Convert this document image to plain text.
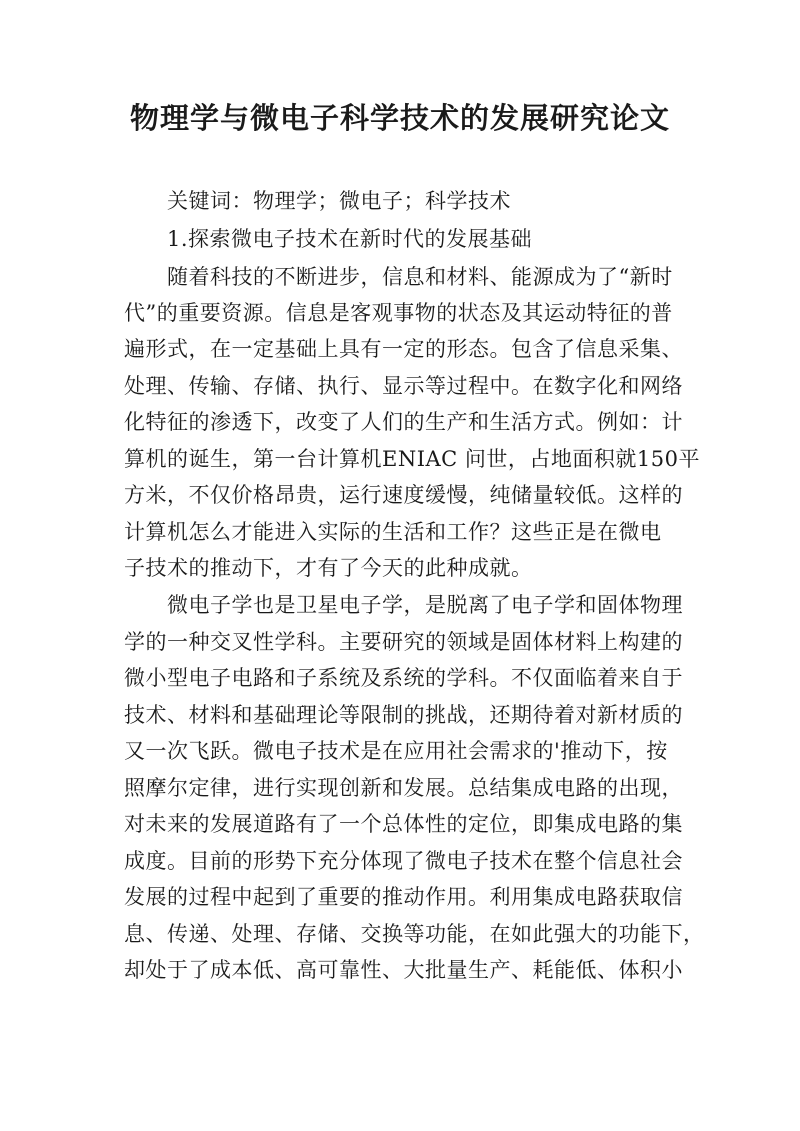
物理学与微电子科学技术的发展研究论文

关键词：物理学；微电子；科学技术

1.探索微电子技术在新时代的发展基础

随着科技的不断进步，信息和材料、能源成为了“新时

代”的重要资源。信息是客观事物的状态及其运动特征的普

遍形式，在一定基础上具有一定的形态。包含了信息采集、

处理、传输、存储、执行、显示等过程中。在数字化和网络

化特征的渗透下，改变了人们的生产和生活方式。例如：计

算机的诞生，第一台计算机ENIAC 问世，占地面积就150平

方米，不仅价格昂贵，运行速度缓慢，纯储量较低。这样的

计算机怎么才能进入实际的生活和工作？这些正是在微电

子技术的推动下，才有了今天的此种成就。

微电子学也是卫星电子学，是脱离了电子学和固体物理

学的一种交叉性学科。主要研究的领域是固体材料上构建的

微小型电子电路和子系统及系统的学科。不仅面临着来自于

技术、材料和基础理论等限制的挑战，还期待着对新材质的

又一次飞跃。微电子技术是在应用社会需求的'推动下，按

照摩尔定律，进行实现创新和发展。总结集成电路的出现，

对未来的发展道路有了一个总体性的定位，即集成电路的集

成度。目前的形势下充分体现了微电子技术在整个信息社会

发展的过程中起到了重要的推动作用。利用集成电路获取信

息、传递、处理、存储、交换等功能，在如此强大的功能下，

却处于了成本低、高可靠性、大批量生产、耗能低、体积小
